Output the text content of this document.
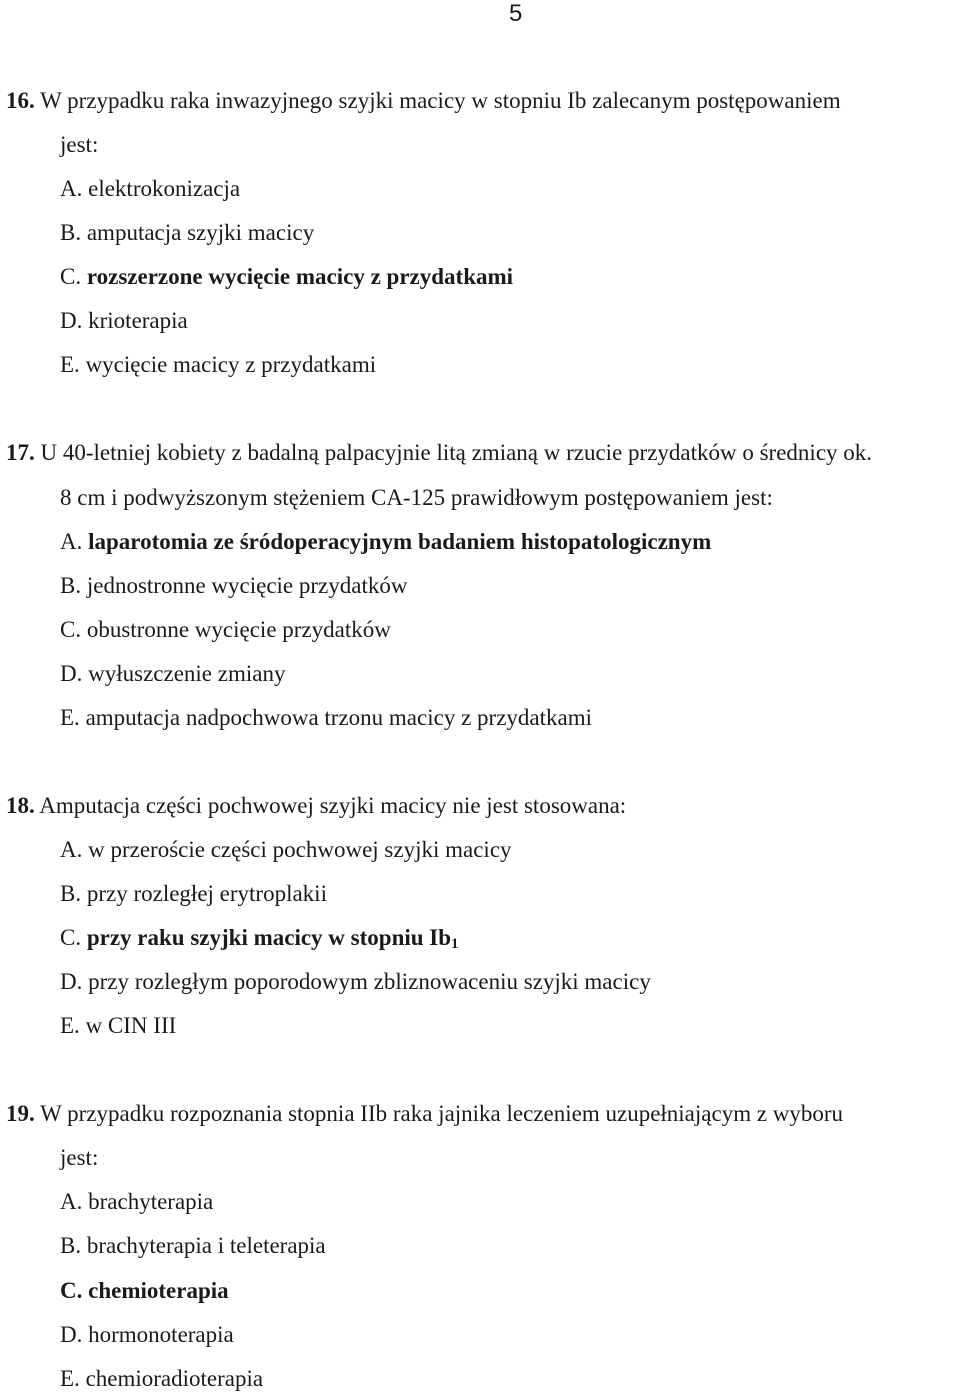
5
16. W przypadku raka inwazyjnego szyjki macicy w stopniu Ib zalecanym postępowaniem
jest:
A. elektrokonizacja
B. amputacja szyjki macicy
C. rozszerzone wycięcie macicy z przydatkami
D. krioterapia
E. wycięcie macicy z przydatkami
17. U 40-letniej kobiety z badalną palpacyjnie litą zmianą w rzucie przydatków o średnicy ok.
8 cm i podwyższonym stężeniem CA-125 prawidłowym postępowaniem jest:
A. laparotomia ze śródoperacyjnym badaniem histopatologicznym
B. jednostronne wycięcie przydatków
C. obustronne wycięcie przydatków
D. wyłuszczenie zmiany
E. amputacja nadpochwowa trzonu macicy z przydatkami
18. Amputacja części pochwowej szyjki macicy nie jest stosowana:
A. w przeroście części pochwowej szyjki macicy
B. przy rozległej erytroplakii
C. przy raku szyjki macicy w stopniu $Ib_1$
D. przy rozległym poporodowym zbliznowaceniu szyjki macicy
E. w CIN III
19. W przypadku rozpoznania stopnia IIb raka jajnika leczeniem uzupełniającym z wyboru
jest:
A. brachyterapia
B. brachyterapia i teleterapia
C. chemioterapia
D. hormonoterapia
E. chemioradioterapia
